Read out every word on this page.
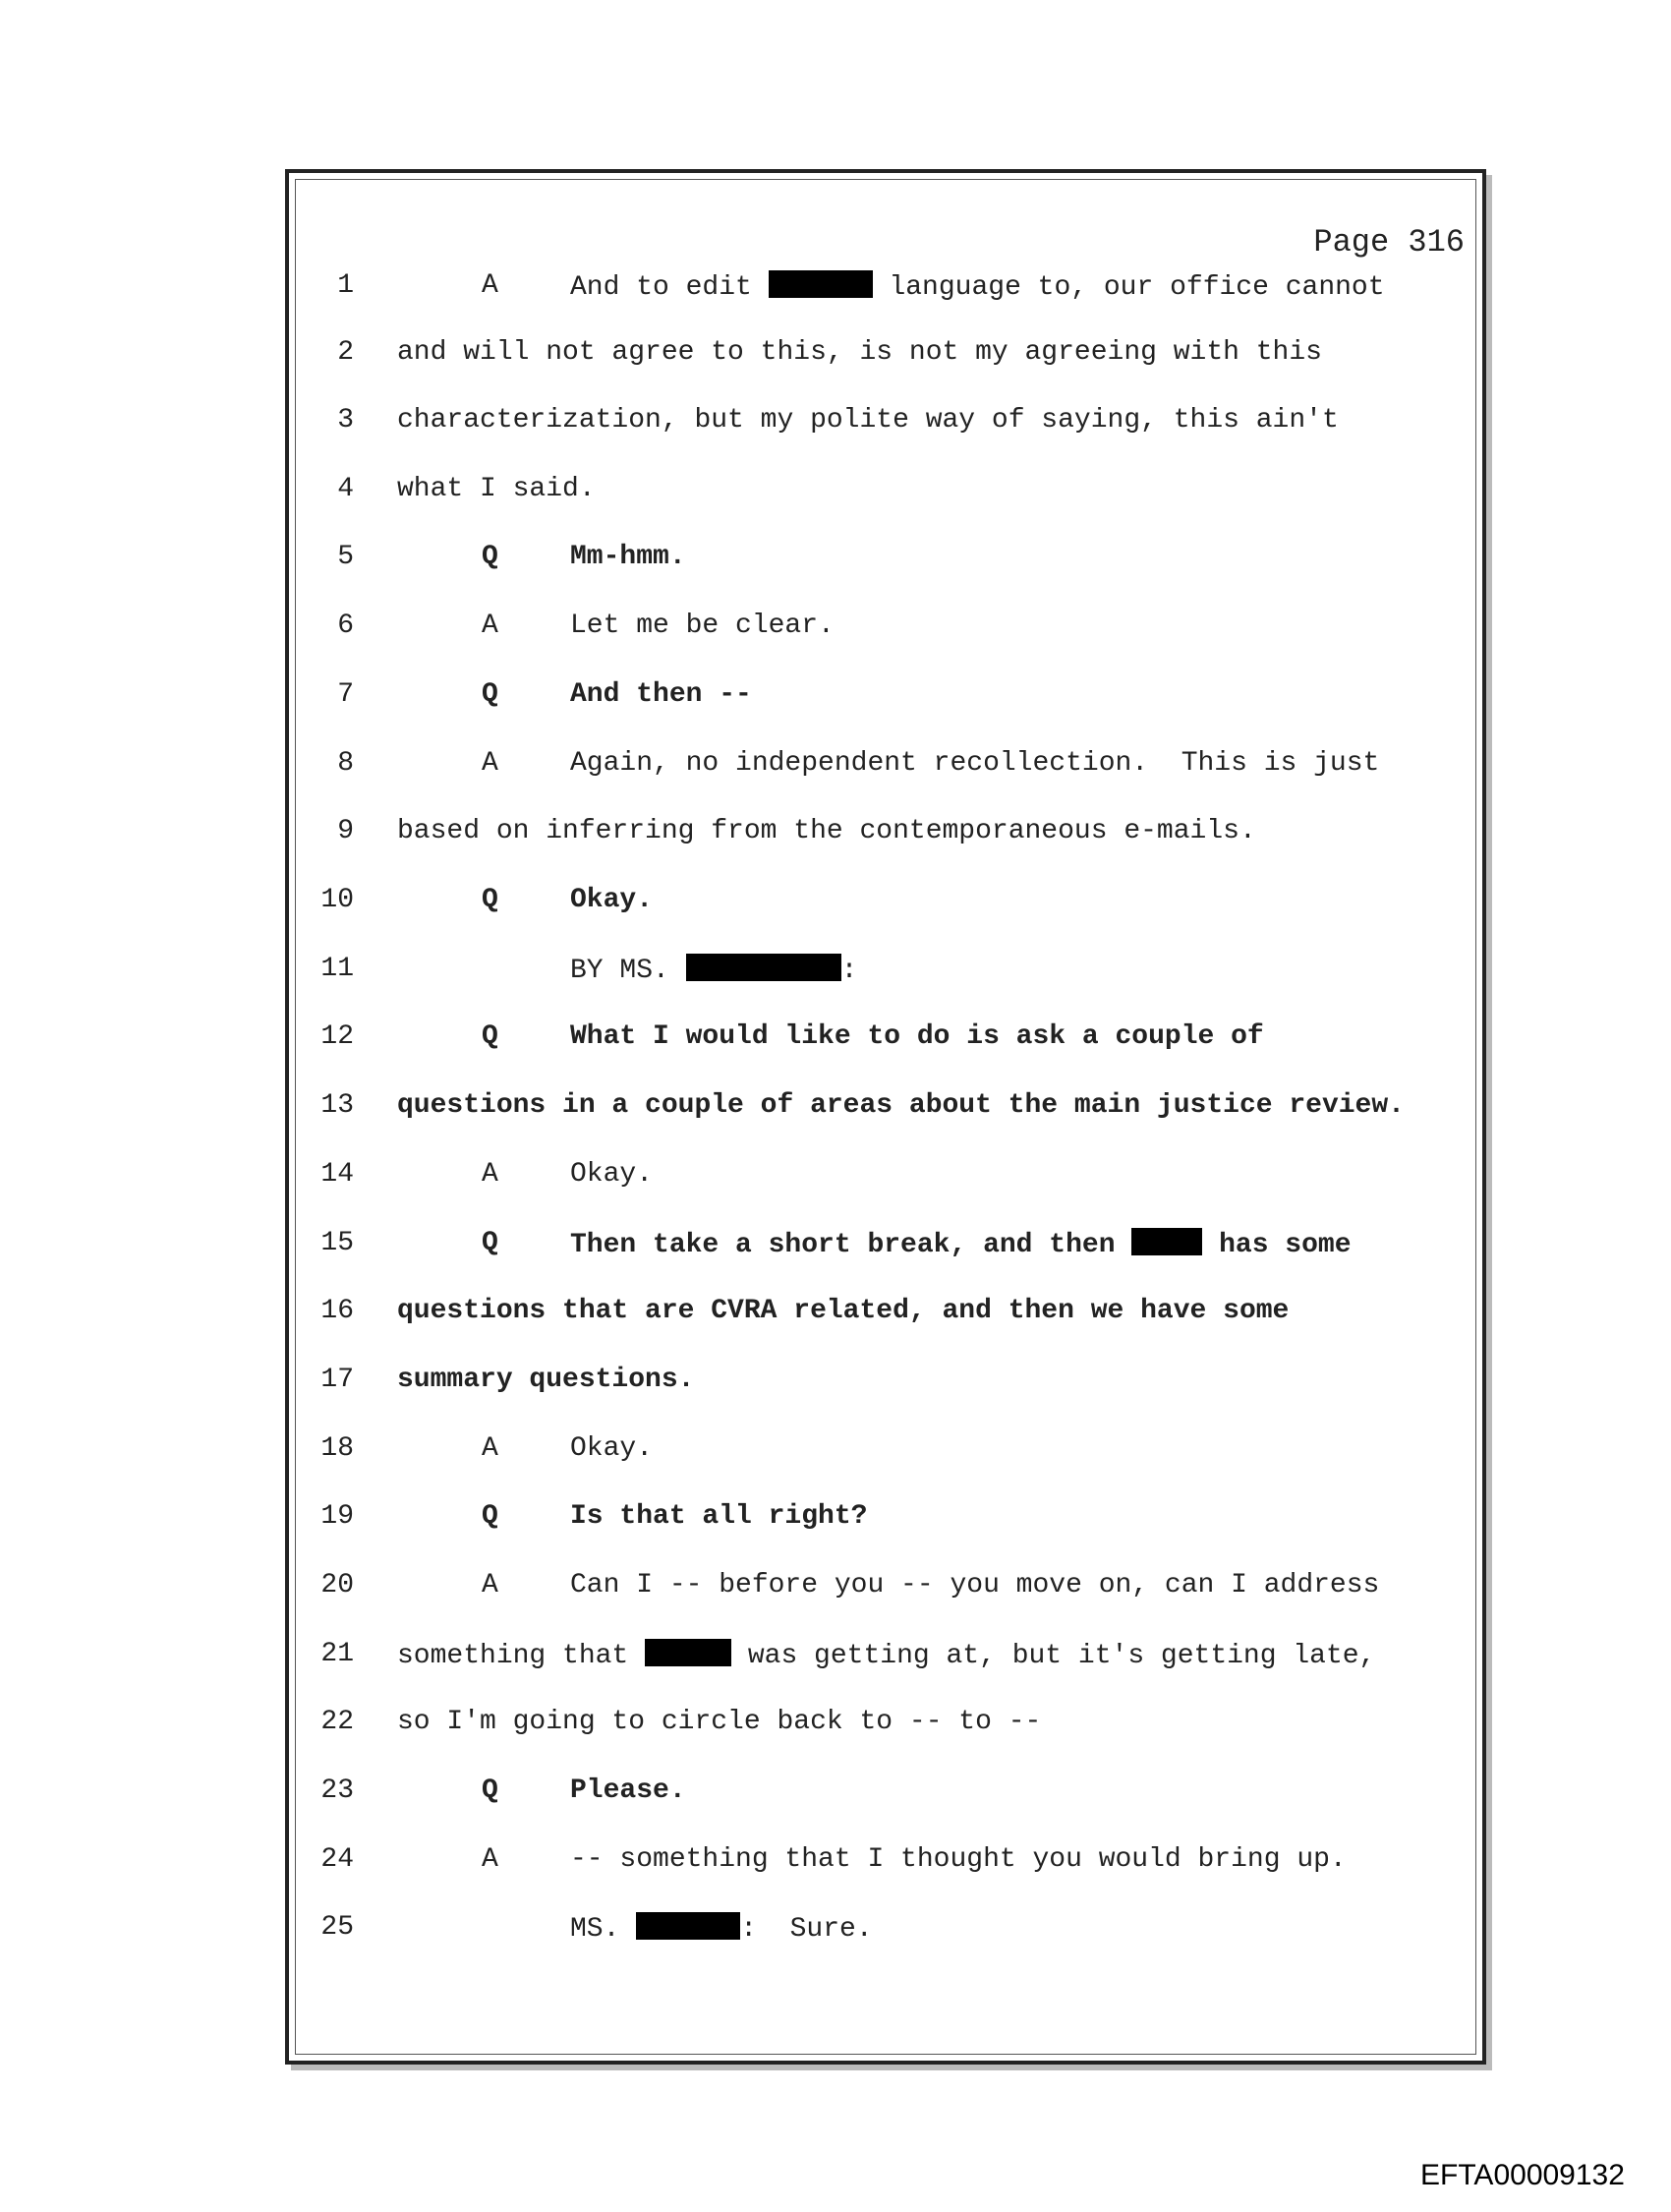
Page 316

1

	A

	And to edit	language to, our office cannot

2

and will not agree to this, is not my agreeing with this

3

characterization, but my polite way of saying, this ain't

4

what I said.

5

	Q

	Mm-hmm.

6

	A

	Let me be clear.

7

	Q

	And then --

8

	A

	Again, no independent recollection.  This is just

9

based on inferring from the contemporaneous e-mails.

10

	Q

	Okay.

11

	BY MS.	:

12

	Q

	What I would like to do is ask a couple of

13

questions in a couple of areas about the main justice review.

14

	A

	Okay.

15

	Q

	Then take a short break, and then	has some

16

questions that are CVRA related, and then we have some

17

summary questions.

18

	A

	Okay.

19

	Q

	Is that all right?

20

	A

	Can I -- before you -- you move on, can I address

21

something that	was getting at, but it's getting late,

22

so I'm going to circle back to -- to --

23

	Q

	Please.

24

	A

	-- something that I thought you would bring up.

25

	MS.	:  Sure.

EFTA00009132
